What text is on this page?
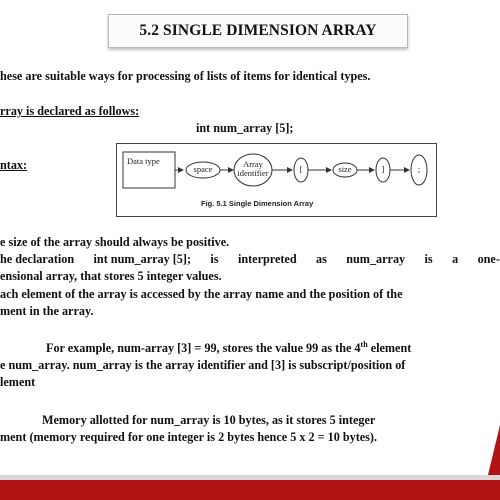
5.2 SINGLE DIMENSION ARRAY
hese are suitable ways for processing of lists of items for identical types.
rray is declared as follows:
int num_array [5];
ntax:	Data type
space	Array identifier	[	size	]	;
Fig. 5.1 Single Dimension Array
e size of the array should always be positive.
he declaration int num_array [5]; is interpreted as num_array is a one-
ensional array, that stores 5 integer values.
ach element of the array is accessed by the array name and the position of the
ment in the array.
For example, num-array [3] = 99, stores the value 99 as the 4th element
e num_array. num_array is the array identifier and [3] is subscript/position of
lement
Memory allotted for num_array is 10 bytes, as it stores 5 integer
ment (memory required for one integer is 2 bytes hence 5 x 2 = 10 bytes).
